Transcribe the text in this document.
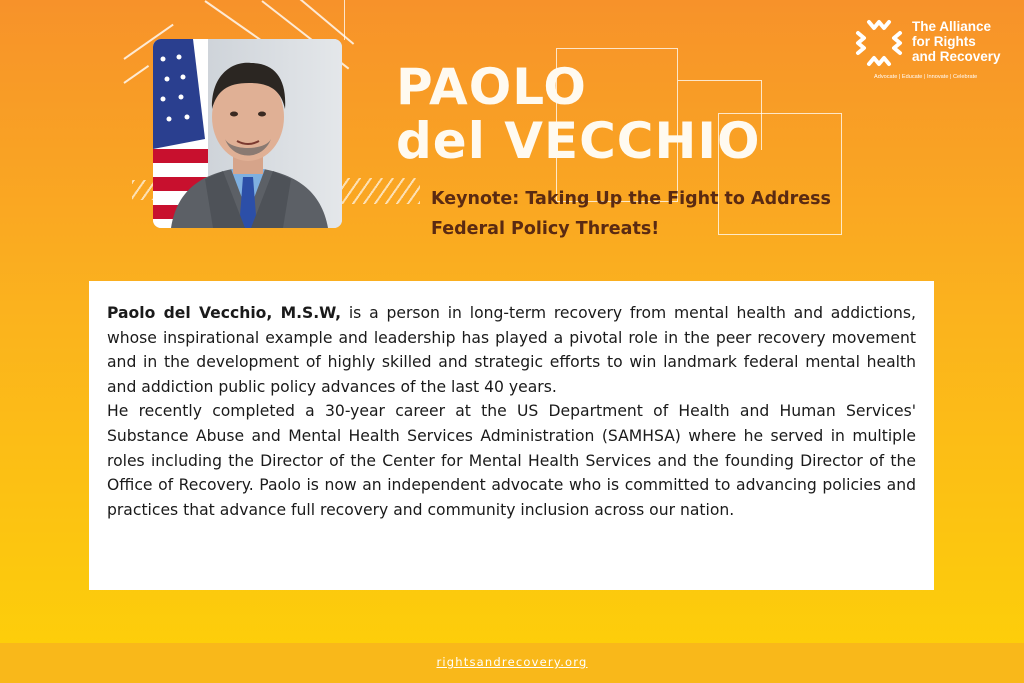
PAOLO
del VECCHIO
Keynote: Taking Up the Fight to Address
Federal Policy Threats!
The Alliance
for Rights
and Recovery
Advocate | Educate | Innovate | Celebrate

Paolo del Vecchio, M.S.W, is a person in long-term recovery from mental health and addictions, whose inspirational example and leadership has played a pivotal role in the peer recovery movement and in the development of highly skilled and strategic efforts to win landmark federal mental health and addiction public policy advances of the last 40 years.

He recently completed a 30-year career at the US Department of Health and Human Services' Substance Abuse and Mental Health Services Administration (SAMHSA) where he served in multiple roles including the Director of the Center for Mental Health Services and the founding Director of the Office of Recovery. Paolo is now an independent advocate who is committed to advancing policies and practices that advance full recovery and community inclusion across our nation.

rightsandrecovery.org
